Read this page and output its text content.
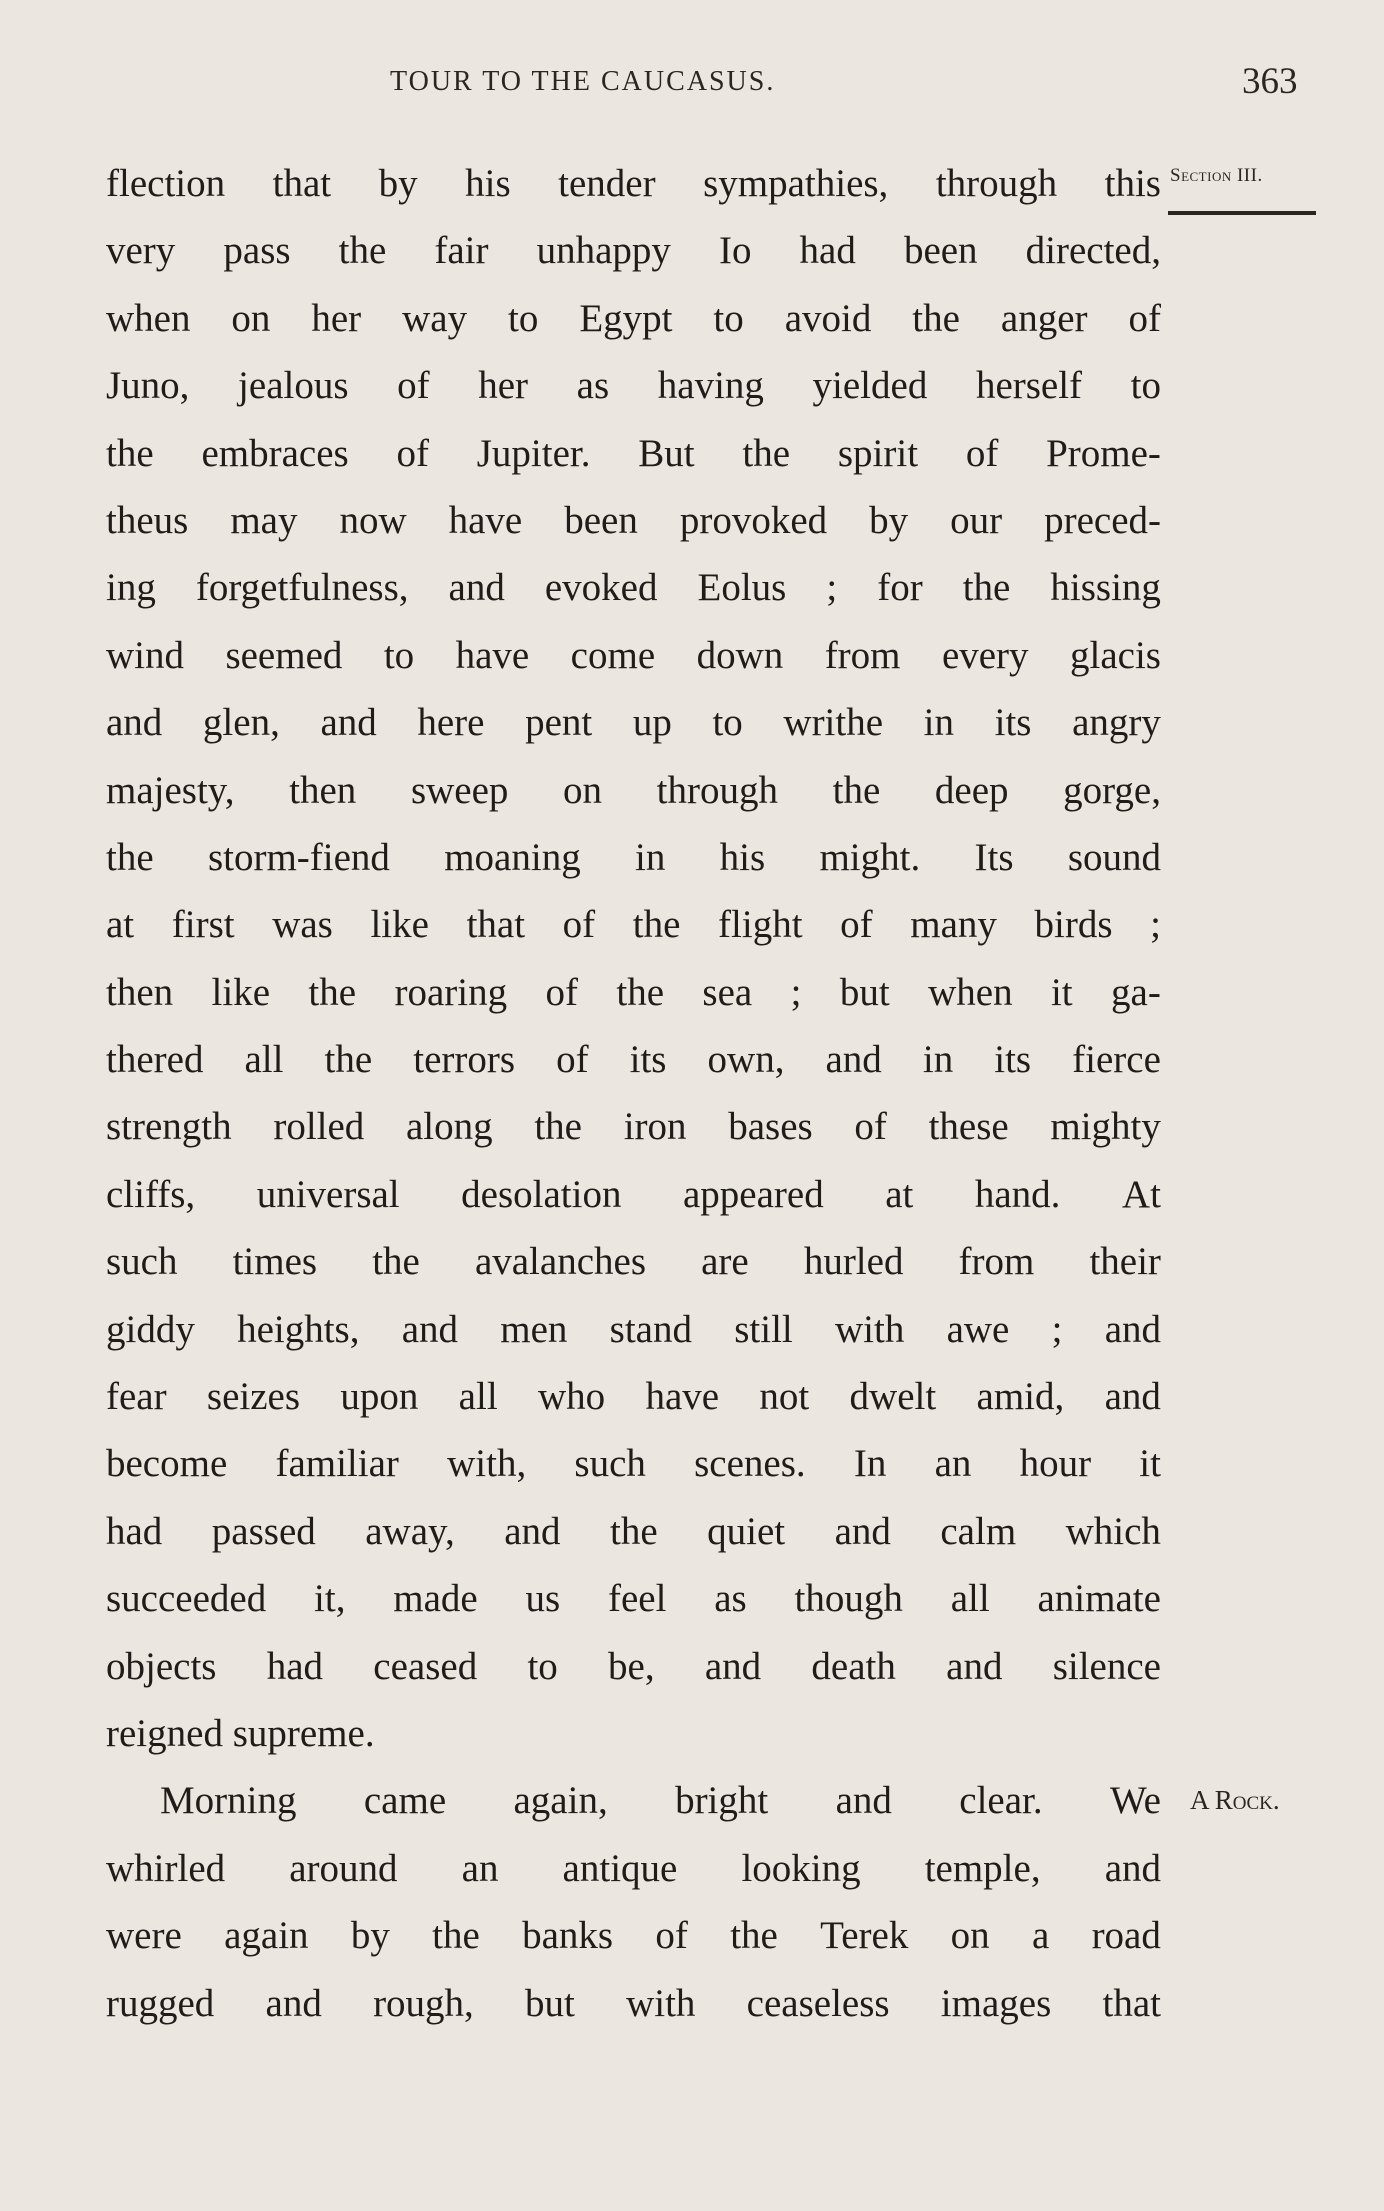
TOUR TO THE CAUCASUS.	363
Section III.
A Rock.
flection that by his tender sympathies, through this
very pass the fair unhappy Io had been directed,
when on her way to Egypt to avoid the anger of
Juno, jealous of her as having yielded herself to
the embraces of Jupiter. But the spirit of Prome-
theus may now have been provoked by our preced-
ing forgetfulness, and evoked Eolus ; for the hissing
wind seemed to have come down from every glacis
and glen, and here pent up to writhe in its angry
majesty, then sweep on through the deep gorge,
the storm-fiend moaning in his might. Its sound
at first was like that of the flight of many birds ;
then like the roaring of the sea ; but when it ga-
thered all the terrors of its own, and in its fierce
strength rolled along the iron bases of these mighty
cliffs, universal desolation appeared at hand. At
such times the avalanches are hurled from their
giddy heights, and men stand still with awe ; and
fear seizes upon all who have not dwelt amid, and
become familiar with, such scenes. In an hour it
had passed away, and the quiet and calm which
succeeded it, made us feel as though all animate
objects had ceased to be, and death and silence
reigned supreme.
Morning came again, bright and clear. We
whirled around an antique looking temple, and
were again by the banks of the Terek on a road
rugged and rough, but with ceaseless images that
